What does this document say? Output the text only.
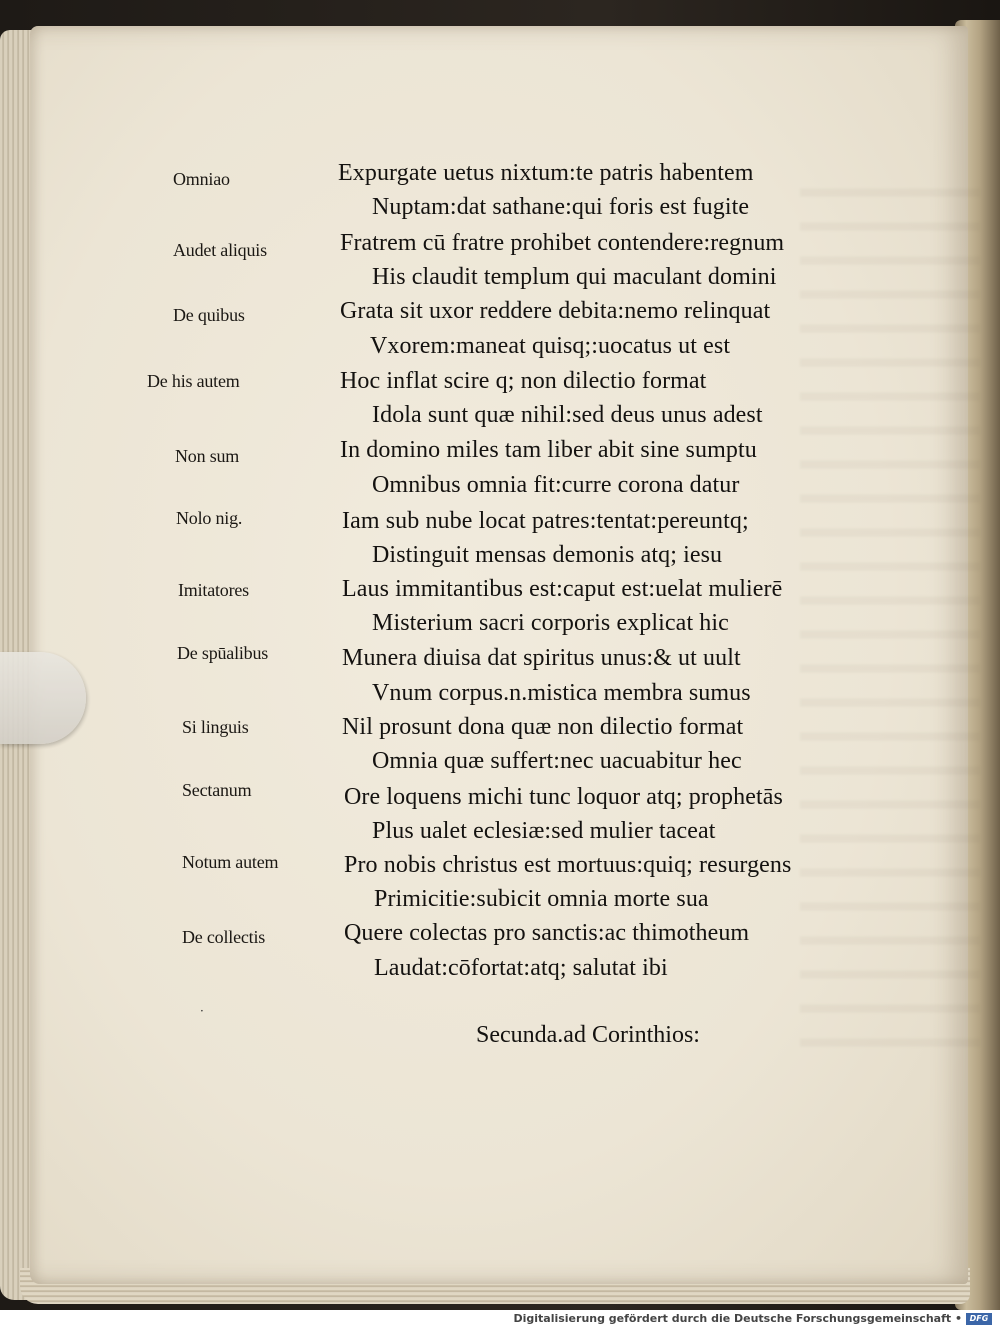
Omniao
Audet aliquis
De quibus
De his autem
Non sum
Nolo nig.
Imitatores
De spūalibus
Si linguis
Sectanum
Notum autem
De collectis
Expurgate uetus nixtum:te patris habentem
Nuptam:dat sathane:qui foris est fugite
Fratrem cū fratre prohibet contendere:regnum
His claudit templum qui maculant domini
Grata sit uxor reddere debita:nemo relinquat
Vxorem:maneat quisq;:uocatus ut est
Hoc inflat scire q; non dilectio format
Idola sunt quæ nihil:sed deus unus adest
In domino miles tam liber abit sine sumptu
Omnibus omnia fit:curre corona datur
Iam sub nube locat patres:tentat:pereuntq;
Distinguit mensas demonis atq; iesu
Laus immitantibus est:caput est:uelat mulierē
Misterium sacri corporis explicat hic
Munera diuisa dat spiritus unus:& ut uult
Vnum corpus.n.mistica membra sumus
Nil prosunt dona quæ non dilectio format
Omnia quæ suffert:nec uacuabitur hec
Ore loquens michi tunc loquor atq; prophetās
Plus ualet eclesiæ:sed mulier taceat
Pro nobis christus est mortuus:quiq; resurgens
Primicitie:subicit omnia morte sua
Quere colectas pro sanctis:ac thimotheum
Laudat:cōfortat:atq; salutat ibi
·
Secunda.ad Corinthios:
Digitalisierung gefördert durch die Deutsche Forschungsgemeinschaft • DFG
